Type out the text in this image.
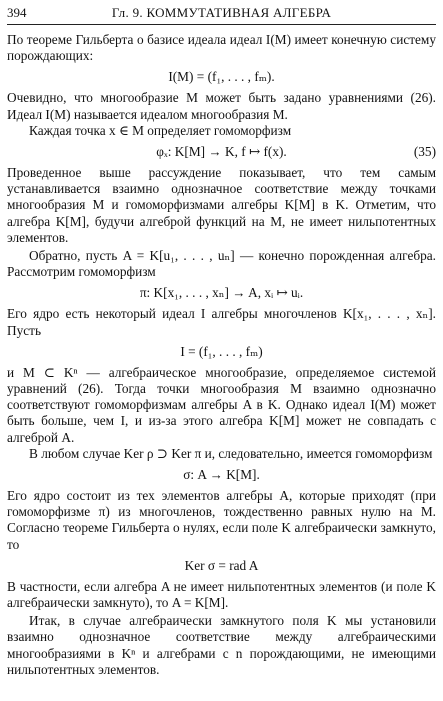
394	Гл. 9. КОММУТАТИВНАЯ АЛГЕБРА

По теореме Гильберта о базисе идеала идеал I(M) имеет конечную систему порождающих:

I(M) = (f₁, . . . , fₘ).

Очевидно, что многообразие M может быть задано уравнениями (26). Идеал I(M) называется идеалом многообразия M.

Каждая точка x ∈ M определяет гомоморфизм

φₓ: K[M] → K, f ↦ f(x).	(35)

Проведенное выше рассуждение показывает, что тем самым устанавливается взаимно однозначное соответствие между точками многообразия M и гомоморфизмами алгебры K[M] в K. Отметим, что алгебра K[M], будучи алгеброй функций на M, не имеет нильпотентных элементов.

Обратно, пусть A = K[u₁, . . . , uₙ] — конечно порожденная алгебра. Рассмотрим гомоморфизм

π: K[x₁, . . . , xₙ] → A, xᵢ ↦ uᵢ.

Его ядро есть некоторый идеал I алгебры многочленов K[x₁, . . . , xₙ]. Пусть

I = (f₁, . . . , fₘ)

и M ⊂ Kⁿ — алгебраическое многообразие, определяемое системой уравнений (26). Тогда точки многообразия M взаимно однозначно соответствуют гомоморфизмам алгебры A в K. Однако идеал I(M) может быть больше, чем I, и из-за этого алгебра K[M] может не совпадать с алгеброй A.

В любом случае Ker ρ ⊃ Ker π и, следовательно, имеется гомоморфизм

σ: A → K[M].

Его ядро состоит из тех элементов алгебры A, которые приходят (при гомоморфизме π) из многочленов, тождественно равных нулю на M. Согласно теореме Гильберта о нулях, если поле K алгебраически замкнуто, то

Ker σ = rad A

В частности, если алгебра A не имеет нильпотентных элементов (и поле K алгебраически замкнуто), то A = K[M].

Итак, в случае алгебраически замкнутого поля K мы установили взаимно однозначное соответствие между алгебраическими многообразиями в Kⁿ и алгебрами с n порождающими, не имеющими нильпотентных элементов.
